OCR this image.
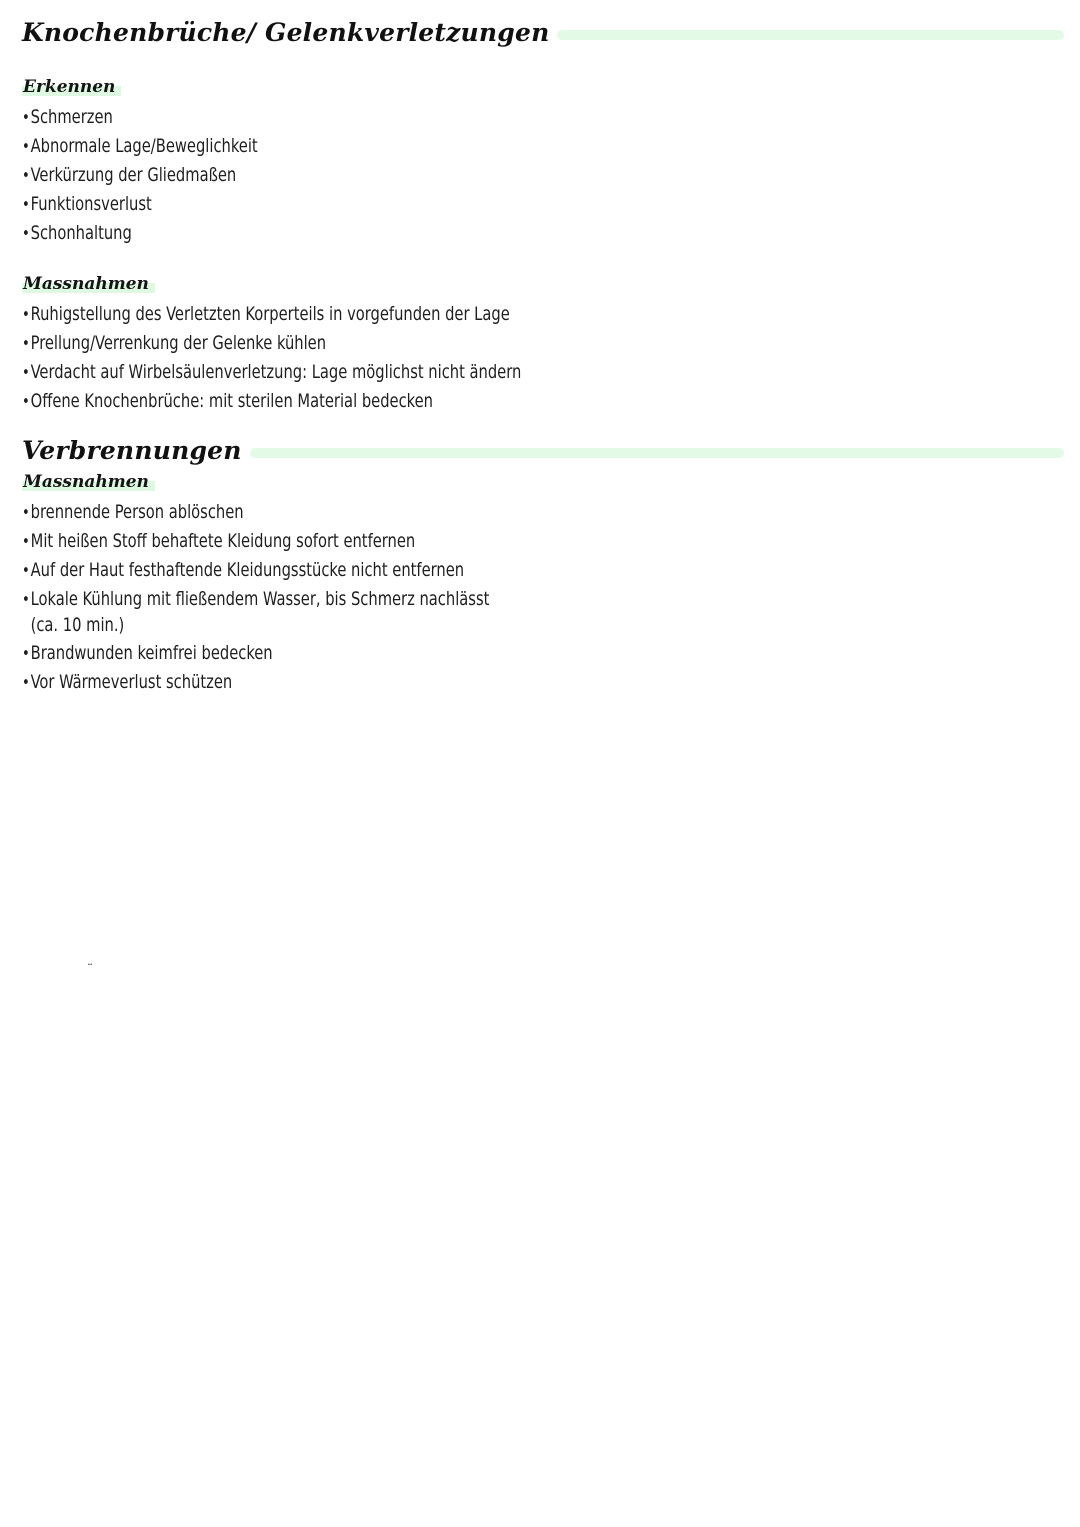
Knochenbrüche/ Gelenkverletzungen
Erkennen
•Schmerzen
•Abnormale Lage/Beweglichkeit
•Verkürzung der Gliedmaßen
•Funktionsverlust
•Schonhaltung
Massnahmen
•Ruhigstellung des Verletzten Korperteils in vorgefunden der Lage
•Prellung/Verrenkung der Gelenke kühlen
•Verdacht auf Wirbelsäulenverletzung: Lage möglichst nicht ändern
•Offene Knochenbrüche: mit sterilen Material bedecken
Verbrennungen
Massnahmen
•brennende Person ablöschen
•Mit heißen Stoff behaftete Kleidung sofort entfernen
•Auf der Haut festhaftende Kleidungsstücke nicht entfernen
•Lokale Kühlung mit fließendem Wasser, bis Schmerz nachlässt
(ca. 10 min.)
•Brandwunden keimfrei bedecken
•Vor Wärmeverlust schützen
¨
